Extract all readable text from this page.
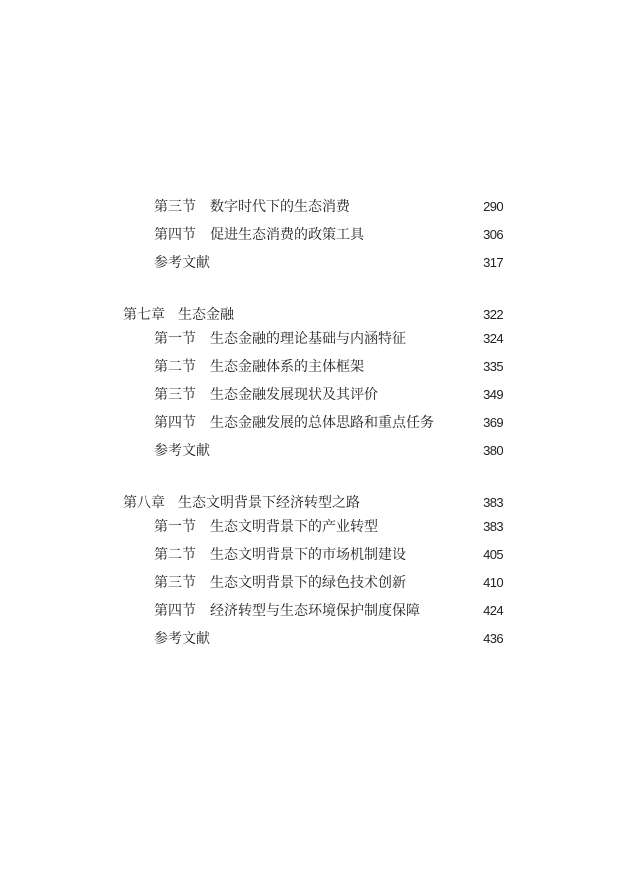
第三节 数字时代下的生态消费	290
第四节 促进生态消费的政策工具	306
参考文献	317
第七章 生态金融	322
第一节 生态金融的理论基础与内涵特征	324
第二节 生态金融体系的主体框架	335
第三节 生态金融发展现状及其评价	349
第四节 生态金融发展的总体思路和重点任务	369
参考文献	380
第八章 生态文明背景下经济转型之路	383
第一节 生态文明背景下的产业转型	383
第二节 生态文明背景下的市场机制建设	405
第三节 生态文明背景下的绿色技术创新	410
第四节 经济转型与生态环境保护制度保障	424
参考文献	436
